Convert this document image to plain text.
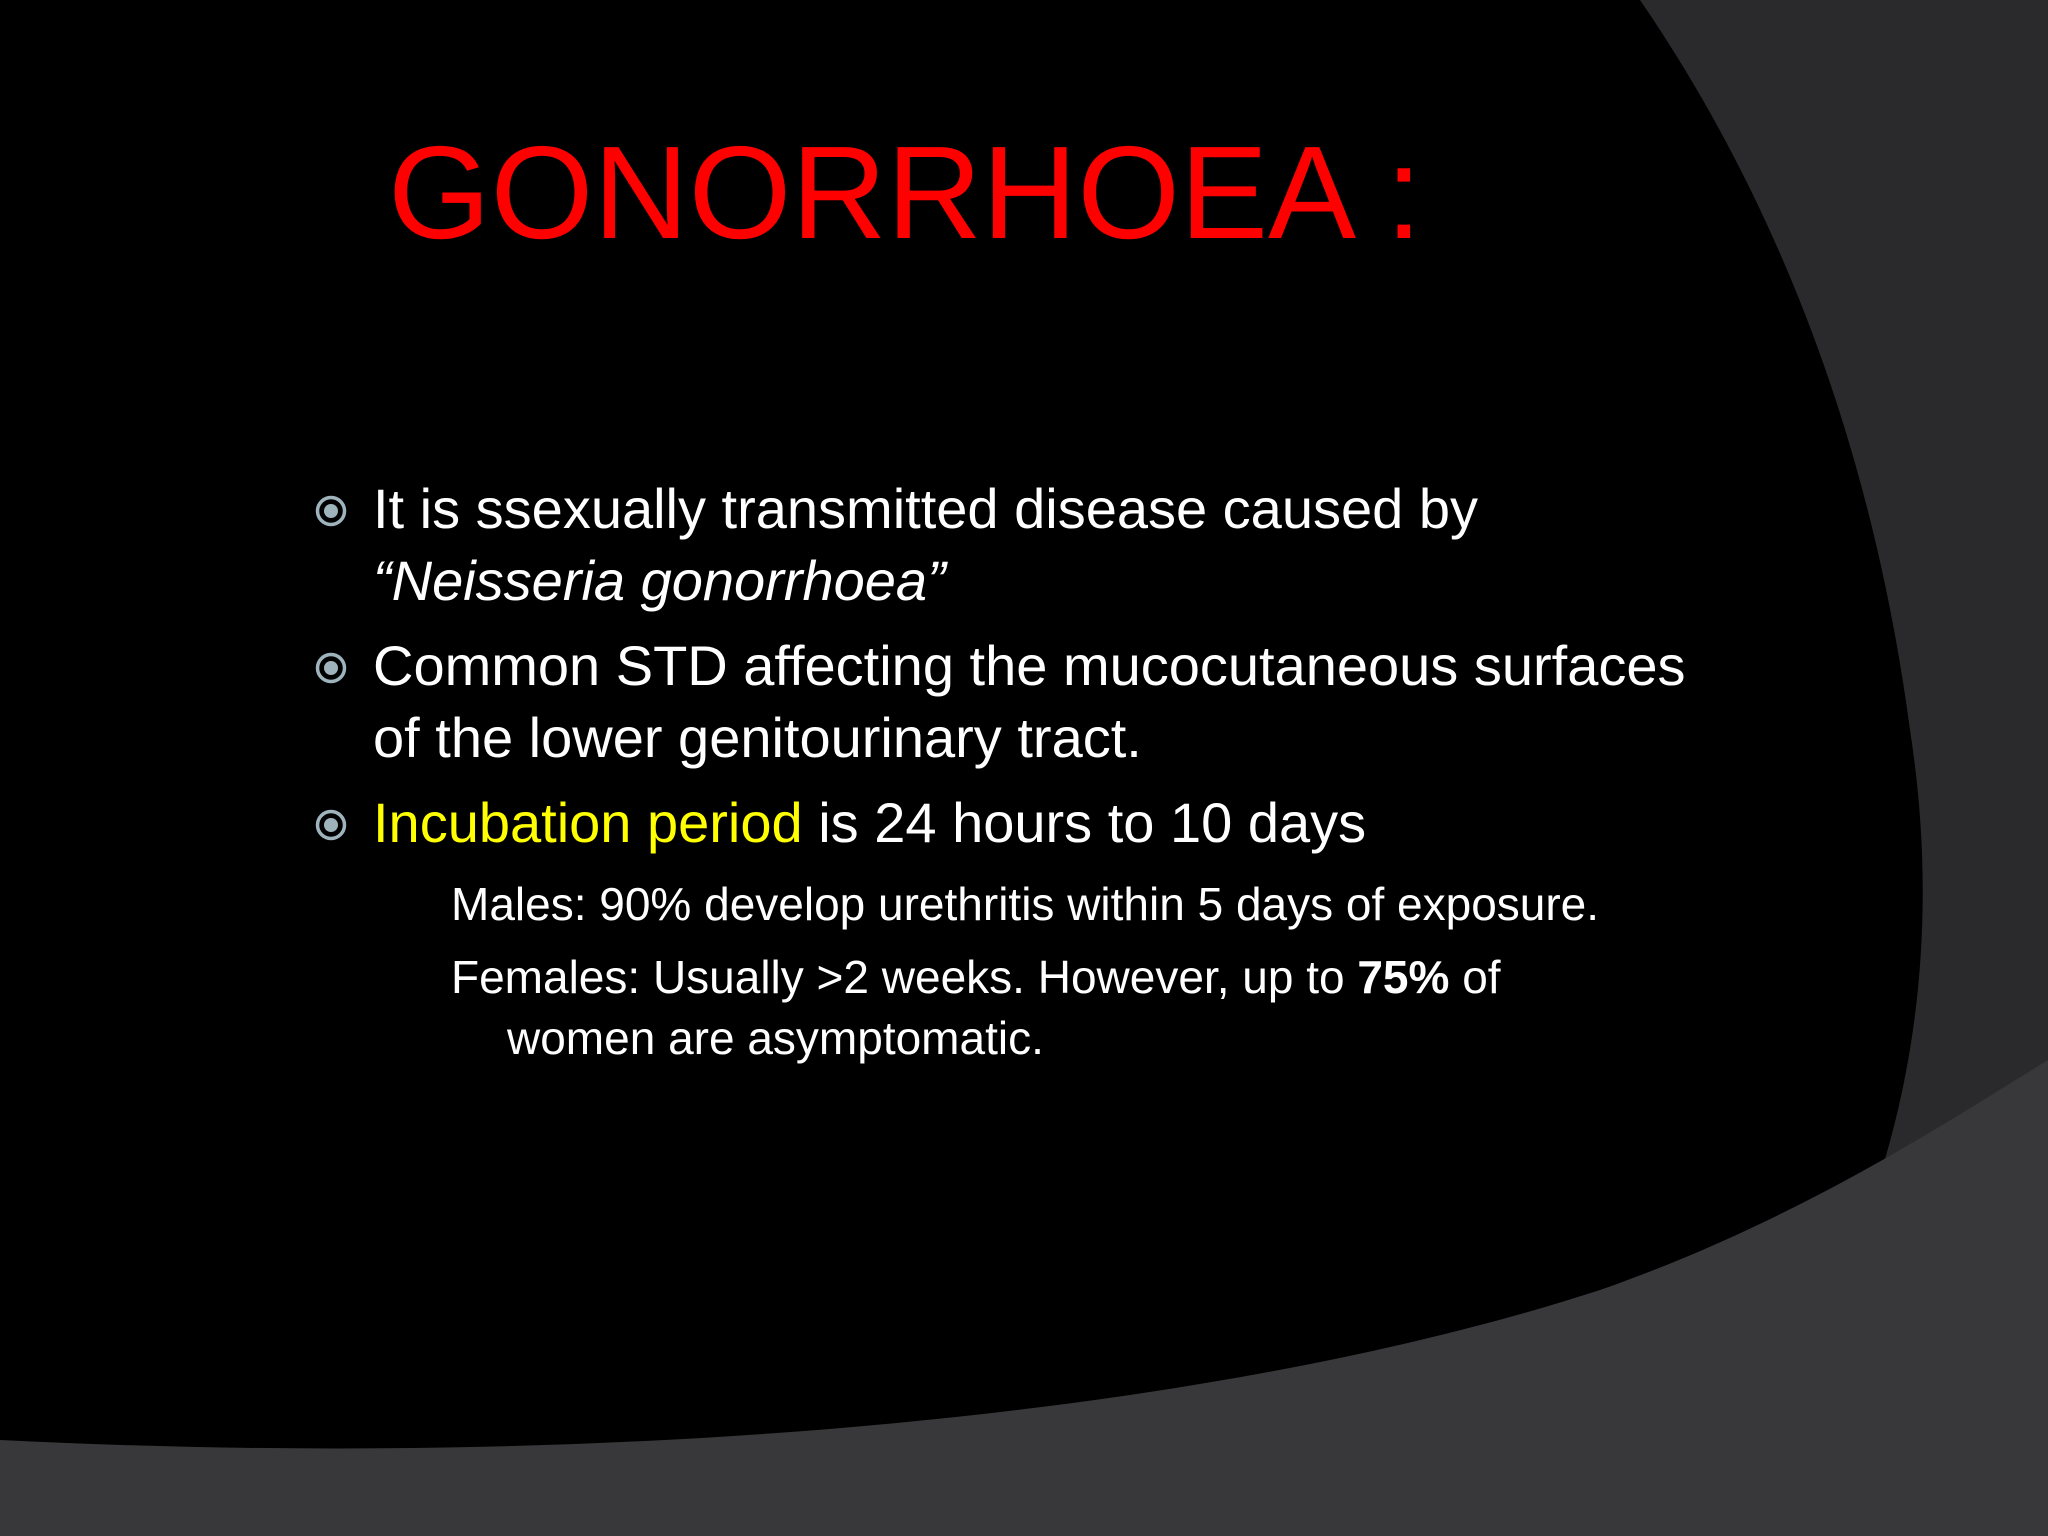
GONORRHOEA :
It is ssexually transmitted disease caused by
“Neisseria gonorrhoea”
Common STD affecting the mucocutaneous surfaces
of the lower genitourinary tract.
Incubation period is 24 hours to 10 days
Males: 90% develop urethritis within 5 days of exposure.
Females: Usually >2 weeks. However, up to 75% of
women are asymptomatic.
